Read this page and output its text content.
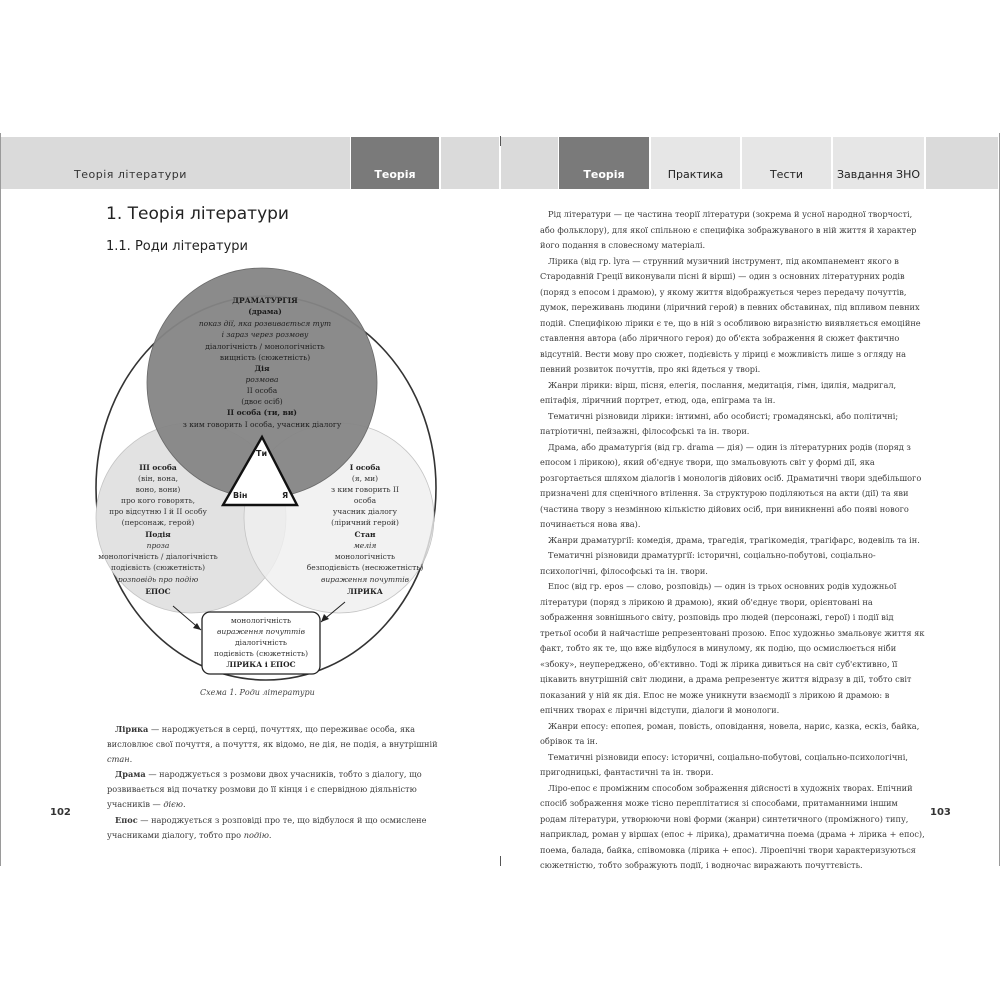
Теорія літератури	Теорія	Теорія	Практика	Тести	Завдання ЗНО
1. Теорія літератури
1.1. Роди літератури
Ти
Він	Я
ДРАМАТУРГІЯ
(драма)
показ дії, яка розвивається тут
і зараз через розмову
діалогічність / монологічність
вищність (сюжетність)
Дія
розмова
ІІ особа
(двоє осіб)
ІІ особа (ти, ви)
з ким говорить І особа, учасник діалогу
ІІІ особа
(він, вона,
воно, вони)
про кого говорять,
про відсутню І й ІІ особу
(персонаж, герой)
Подія
проза
монологічність / діалогічність
подієвість (сюжетність)
розповідь про подію
ЕПОС
І особа
(я, ми)
з ким говорить ІІ
особа
учасник діалогу
(ліричний герой)
Стан
мелія
монологічність
безподієвість (несюжетність)
вираження почуттів
ЛІРИКА
монологічність
вираження почуттів
діалогічність
подієвість (сюжетність)
ЛІРИКА і ЕПОС
Схема 1. Роди літератури

Лірика — народжується в серці, почуттях, що переживає особа, яка висловлює свої почуття, а почуття, як відомо, не дія, не подія, а внутрішній стан.

Драма — народжується з розмови двох учасників, тобто з діалогу, що розвивається від початку розмови до її кінця і є спервідною діяльністю учасників — дією.

Епос — народжується з розповіді про те, що відбулося й що осмислене учасниками діалогу, тобто про подію.

102

Рід літератури — це частина теорії літератури (зокрема й усної народної творчості, або фольклору), для якої спільною є специфіка зображуваного в ній життя й характер його подання в словесному матеріалі.

Лірика (від гр. lyra — струнний музичний інструмент, під акомпанемент якого в Стародавній Греції виконували пісні й вірші) — один з основних літературних родів (поряд з епосом і драмою), у якому життя відображується через передачу почуттів, думок, переживань людини (ліричний герой) в певних обставинах, під впливом певних подій. Специфікою лірики є те, що в ній з особливою виразністю виявляється емоційне ставлення автора (або ліричного героя) до об'єкта зображення й сюжет фактично відсутній. Вести мову про сюжет, подієвість у ліриці є можливість лише з огляду на певний розвиток почуттів, про які йдеться у творі.

Жанри лірики: вірш, пісня, елегія, послання, медитація, гімн, ідилія, мадригал, епітафія, ліричний портрет, етюд, ода, епіграма та ін.

Тематичні різновиди лірики: інтимні, або особисті; громадянські, або політичні; патріотичні, пейзажні, філософські та ін. твори.

Драма, або драматургія (від гр. drama — дія) — один із літературних родів (поряд з епосом і лірикою), який об'єднує твори, що змальовують світ у формі дії, яка розгортається шляхом діалогів і монологів дійових осіб. Драматичні твори здебільшого призначені для сценічного втілення. За структурою поділяються на акти (дії) та яви (частина твору з незмінною кількістю дійових осіб, при виникненні або появі нового починається нова ява).

Жанри драматургії: комедія, драма, трагедія, трагікомедія, трагіфарс, водевіль та ін.

Тематичні різновиди драматургії: історичні, соціально-побутові, соціально-психологічні, філософські та ін. твори.

Епос (від гр. epos — слово, розповідь) — один із трьох основних родів художньої літератури (поряд з лірикою й драмою), який об'єднує твори, орієнтовані на зображення зовнішнього світу, розповідь про людей (персонажі, герої) і події від третьої особи й найчастіше репрезентовані прозою. Епос художньо змальовує життя як факт, тобто як те, що вже відбулося в минулому, як подію, що осмислюється ніби «збоку», неупереджено, об'єктивно. Тоді ж лірика дивиться на світ суб'єктивно, її цікавить внутрішній світ людини, а драма репрезентує життя відразу в дії, тобто світ показаний у ній як дія. Епос не може уникнути взаємодії з лірикою й драмою: в епічних творах є ліричні відступи, діалоги й монологи.

Жанри епосу: епопея, роман, повість, оповідання, новела, нарис, казка, ескіз, байка, обрівок та ін.

Тематичні різновиди епосу: історичні, соціально-побутові, соціально-психологічні, пригодницькі, фантастичні та ін. твори.

Ліро-епос є проміжним способом зображення дійсності в художніх творах. Епічний спосіб зображення може тісно переплітатися зі способами, притаманними іншим родам літератури, утворюючи нові форми (жанри) синтетичного (проміжного) типу, наприклад, роман у віршах (епос + лірика), драматична поема (драма + лірика + епос), поема, балада, байка, співомовка (лірика + епос). Ліроепічні твори характеризуються сюжетністю, тобто зображують події, і водночас виражають почуттєвість.

103
